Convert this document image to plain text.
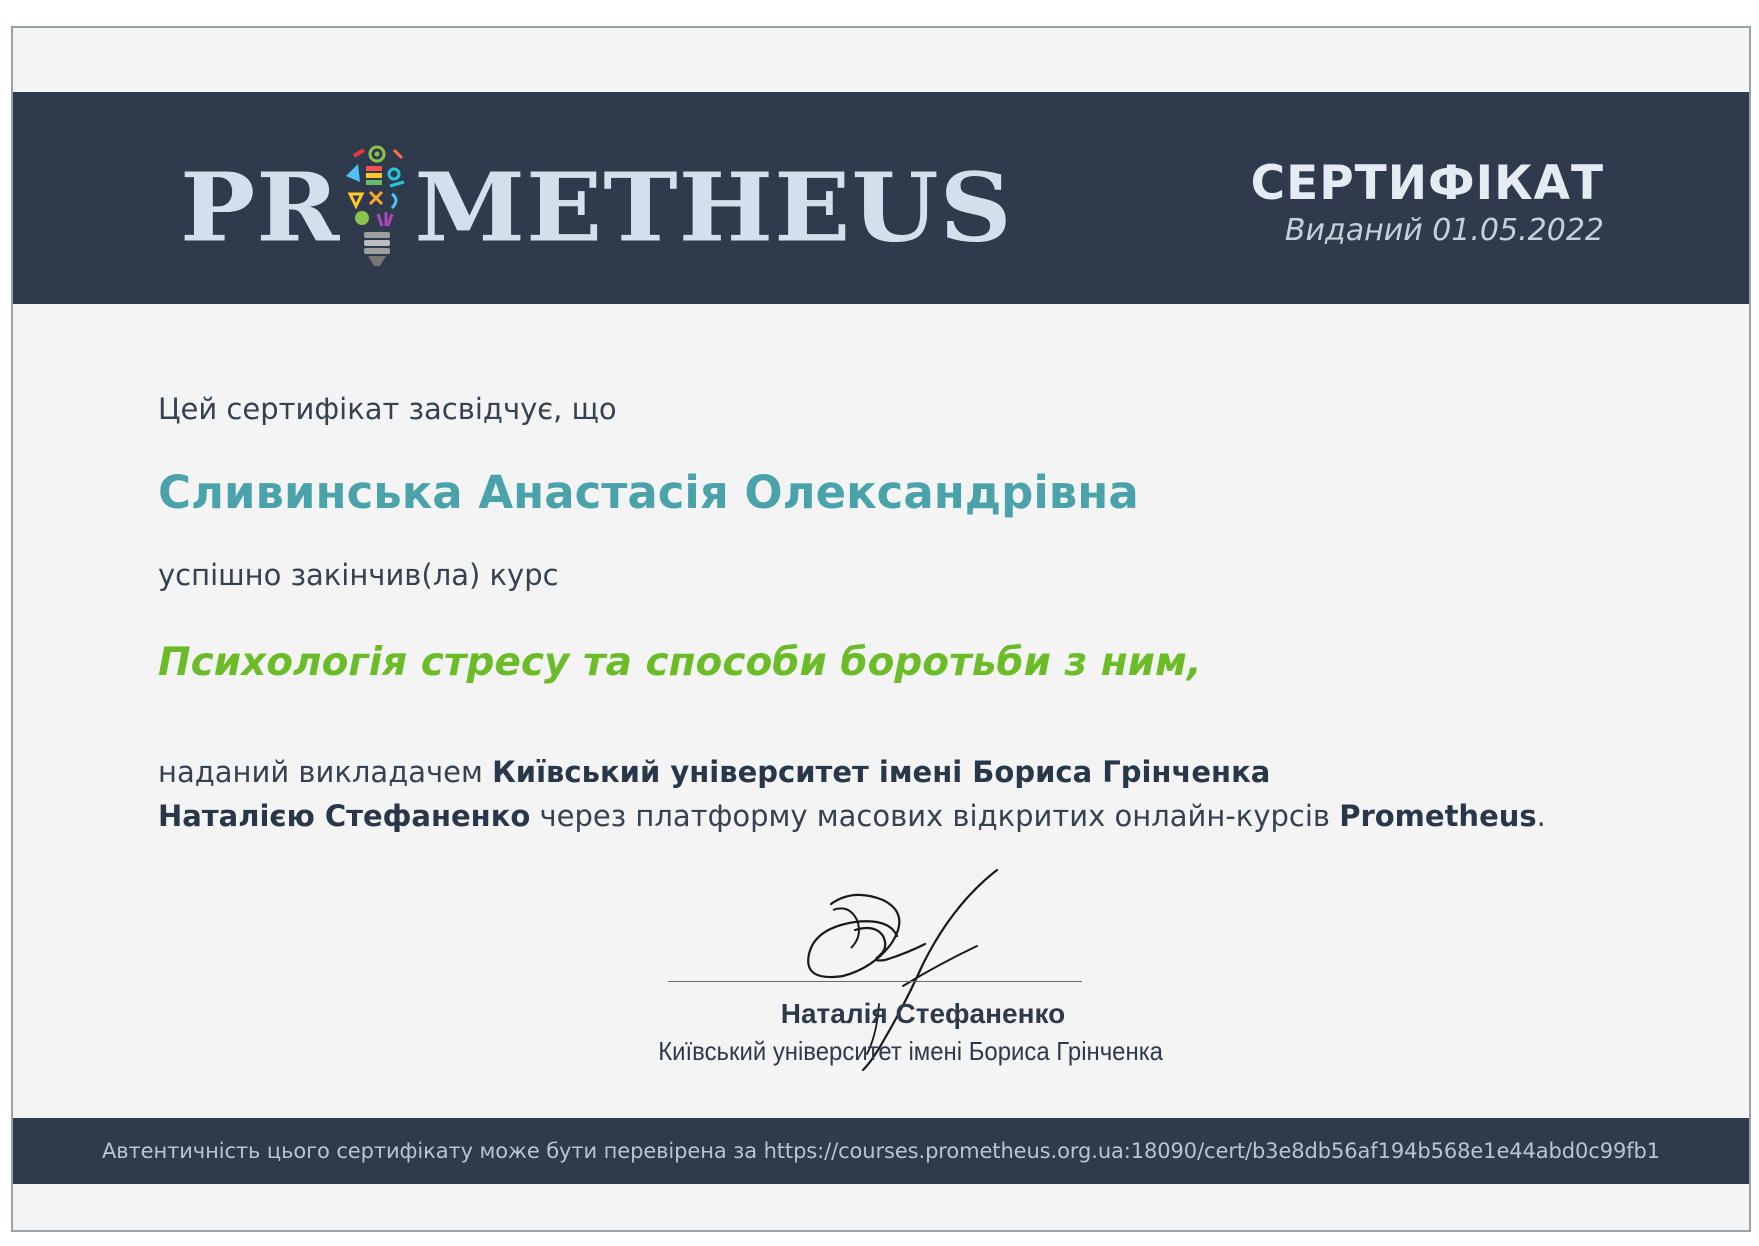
PR METHEUS	СЕРТИФІКАТ
Виданий 01.05.2022
Цей сертифікат засвідчує, що
Сливинська Анастасія Олександрівна
успішно закінчив(ла) курс
Психологія стресу та способи боротьби з ним,
наданий викладачем Київський університет імені Бориса Грінченка
Наталією Стефаненко через платформу масових відкритих онлайн-курсів Prometheus.
Наталія Стефаненко
Київський університет імені Бориса Грінченка
Автентичність цього сертифікату може бути перевірена за https://courses.prometheus.org.ua:18090/cert/b3e8db56af194b568e1e44abd0c99fb1
